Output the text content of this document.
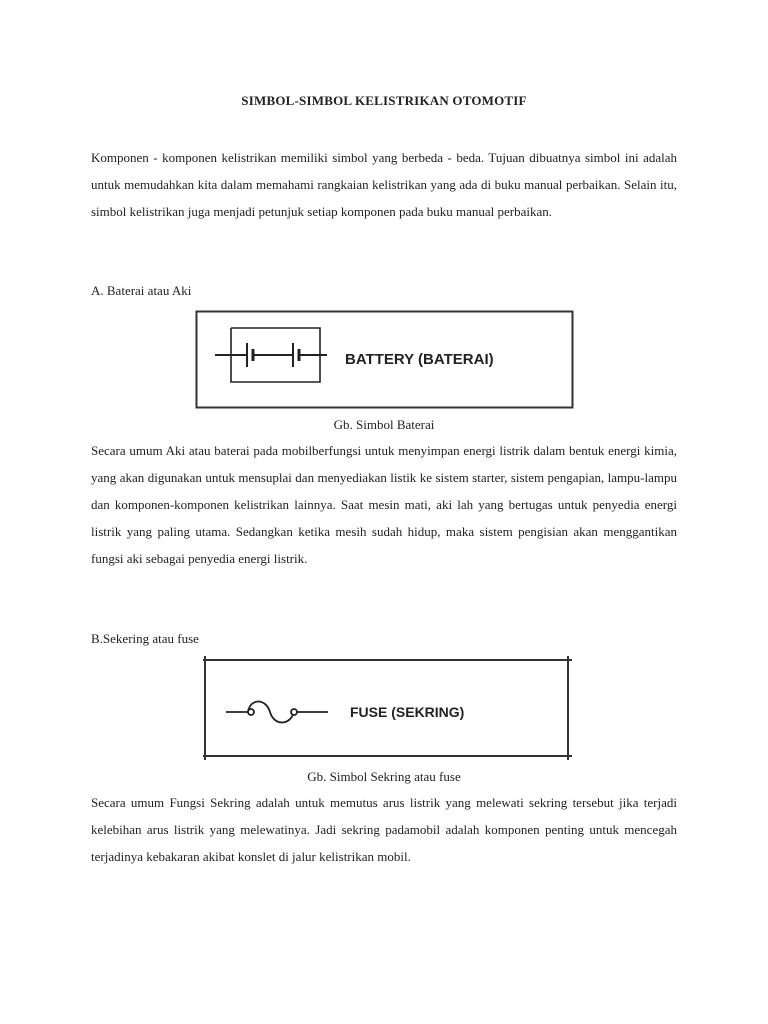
SIMBOL-SIMBOL KELISTRIKAN OTOMOTIF
Komponen - komponen kelistrikan memiliki simbol yang berbeda - beda. Tujuan dibuatnya simbol ini adalah untuk memudahkan kita dalam memahami rangkaian kelistrikan yang ada di buku manual perbaikan. Selain itu, simbol kelistrikan juga menjadi petunjuk setiap komponen pada buku manual perbaikan.
A. Baterai atau Aki
BATTERY (BATERAI)
Gb. Simbol Baterai
Secara umum Aki atau baterai pada mobilberfungsi untuk menyimpan energi listrik dalam bentuk energi kimia, yang akan digunakan untuk mensuplai dan menyediakan listik ke sistem starter, sistem pengapian, lampu-lampu dan komponen-komponen kelistrikan lainnya. Saat mesin mati, aki lah yang bertugas untuk penyedia energi listrik yang paling utama. Sedangkan ketika mesih sudah hidup, maka sistem pengisian akan menggantikan fungsi aki sebagai penyedia energi listrik.
B.Sekering atau fuse
FUSE (SEKRING)
Gb. Simbol Sekring atau fuse
Secara umum Fungsi Sekring adalah untuk memutus arus listrik yang melewati sekring tersebut jika terjadi kelebihan arus listrik yang melewatinya. Jadi sekring padamobil adalah komponen penting untuk mencegah terjadinya kebakaran akibat konslet di jalur kelistrikan mobil.
